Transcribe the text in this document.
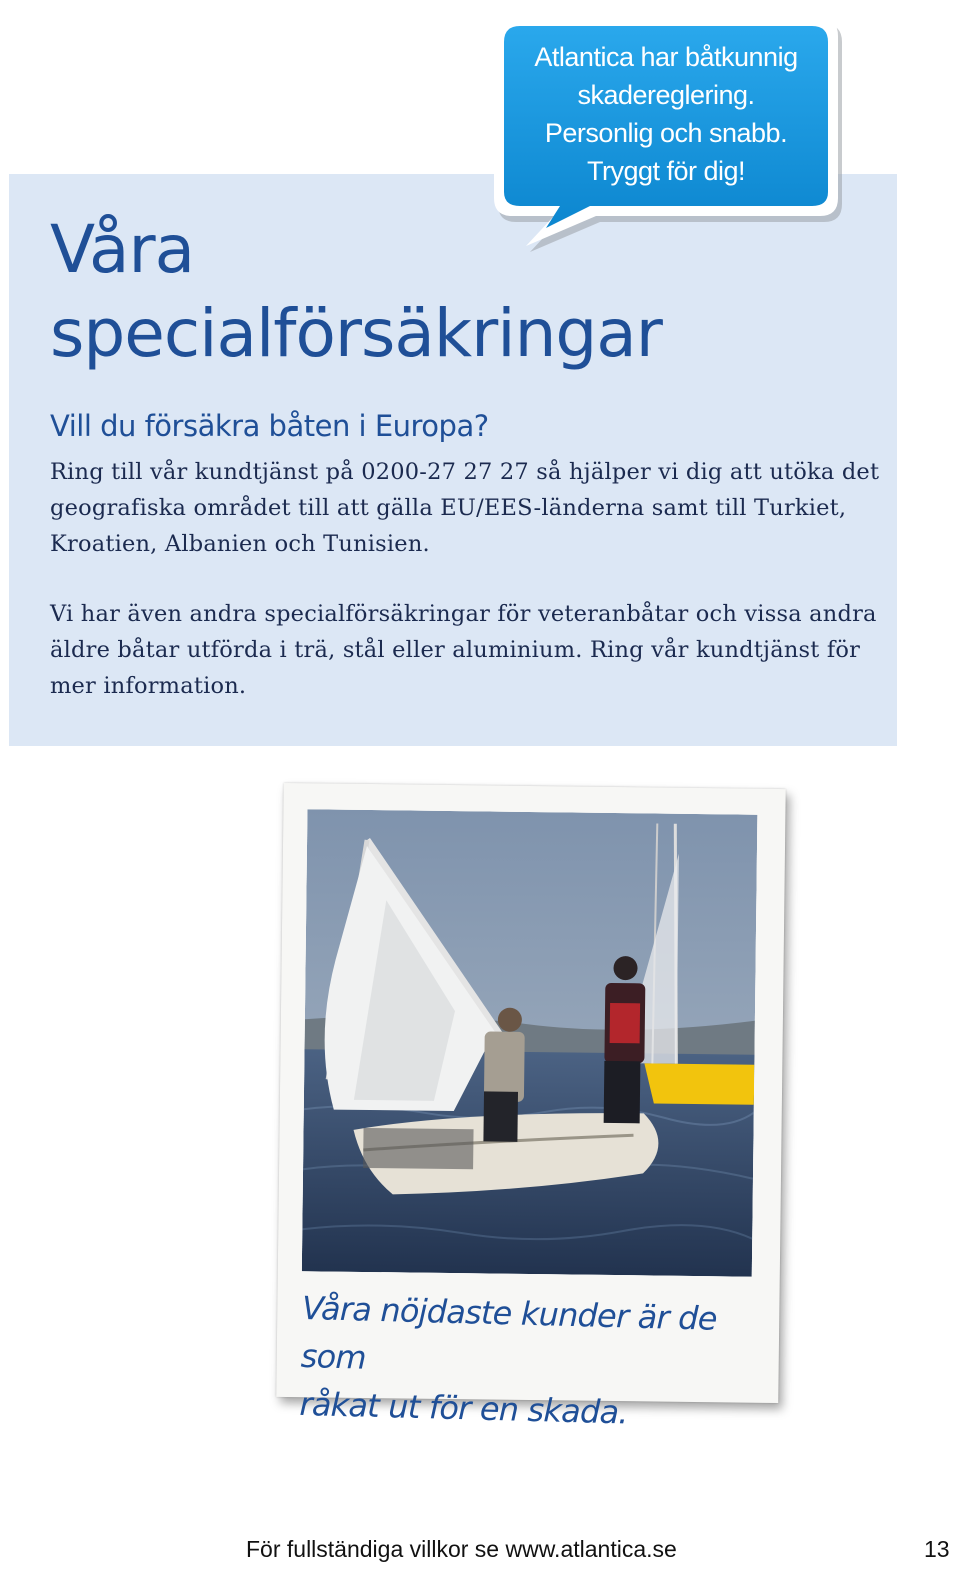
Atlantica har båtkunnig
skadereglering.
Personlig och snabb.
Tryggt för dig!

Våra
specialförsäkringar
Vill du försäkra båten i Europa?

Ring till vår kundtjänst på 0200-27 27 27 så hjälper vi dig att utöka det geografiska området till att gälla EU/EES-länderna samt till Turkiet, Kroatien, Albanien och Tunisien.

Vi har även andra specialförsäkringar för veteranbåtar och vissa andra äldre båtar utförda i trä, stål eller aluminium. Ring vår kundtjänst för mer information.

Våra nöjdaste kunder är de som
råkat ut för en skada.

För fullständiga villkor se www.atlantica.se	13
